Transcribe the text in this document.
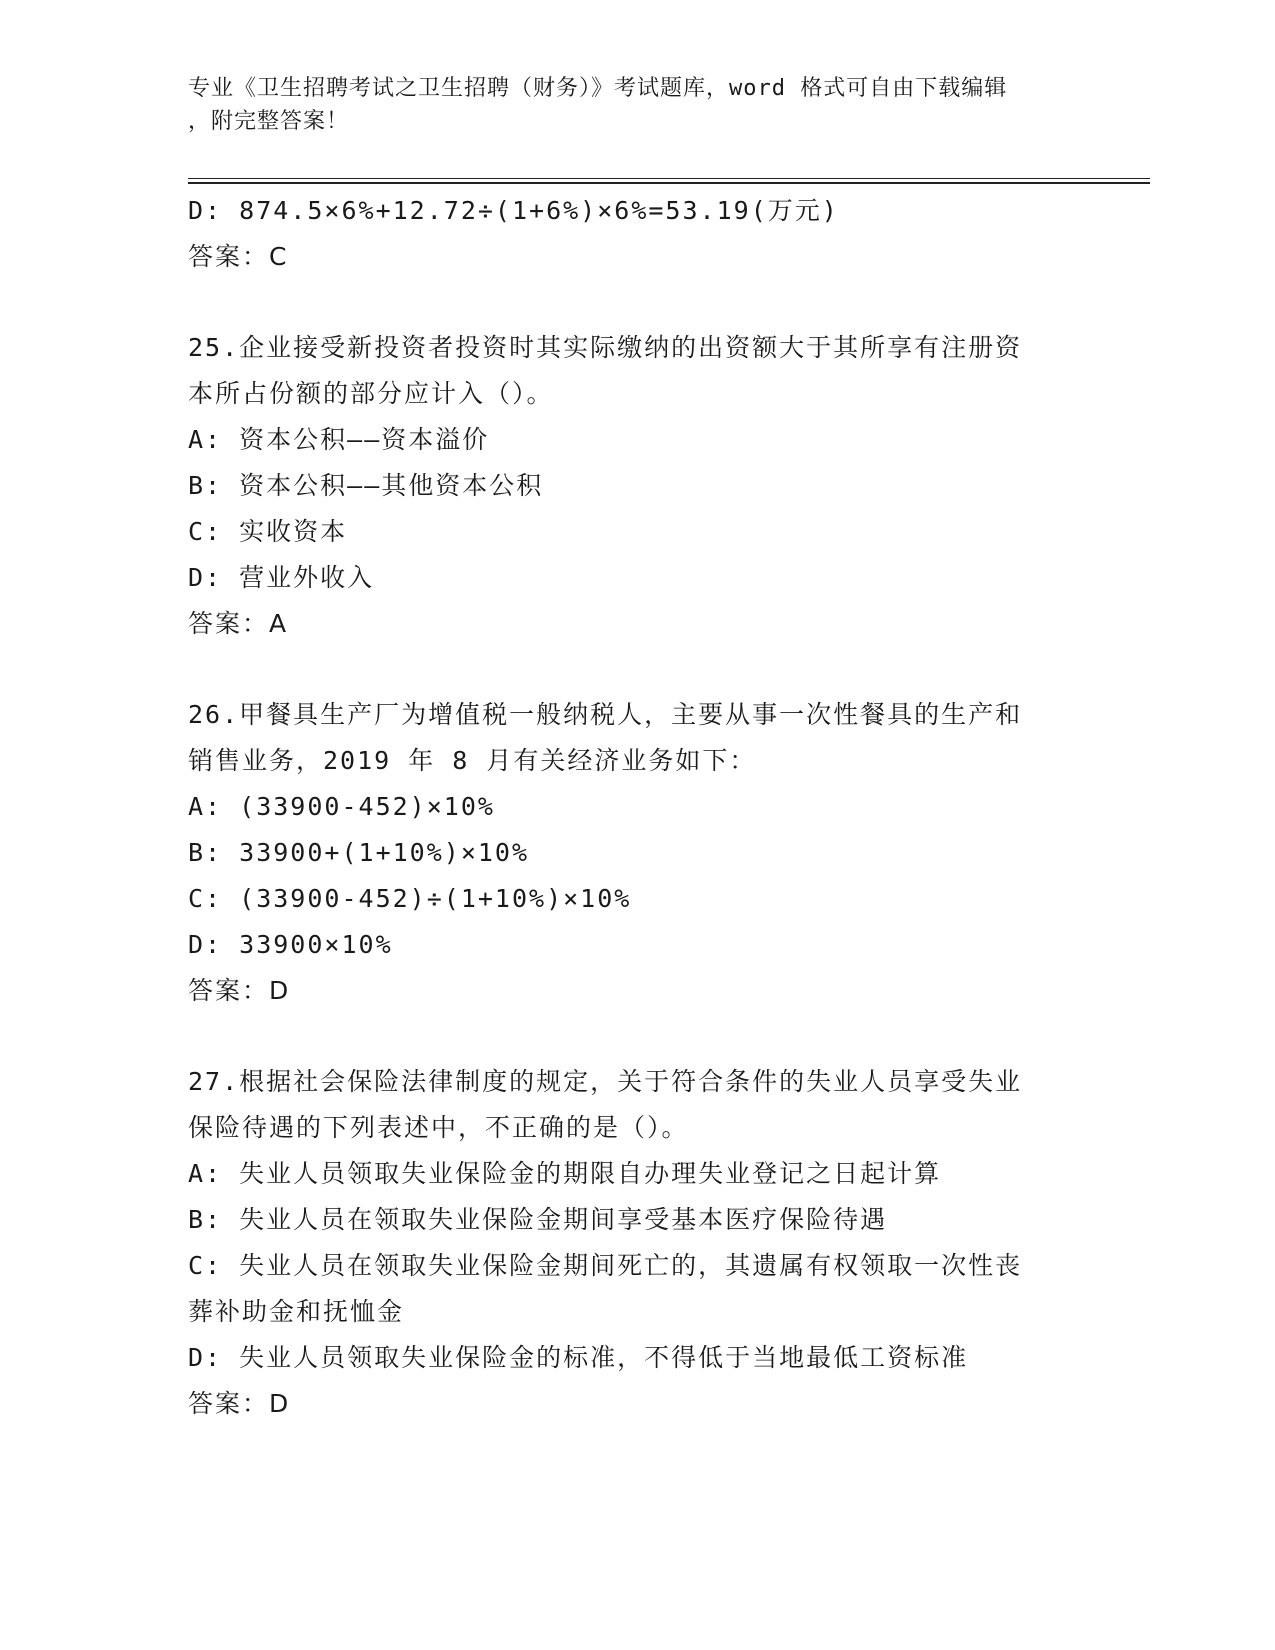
专业《卫生招聘考试之卫生招聘（财务）》考试题库，word 格式可自由下载编辑
，附完整答案！
D: 874.5×6%+12.72÷(1+6%)×6%=53.19(万元)
答案：C
25.企业接受新投资者投资时其实际缴纳的出资额大于其所享有注册资
本所占份额的部分应计入（）。
A: 资本公积——资本溢价
B: 资本公积——其他资本公积
C: 实收资本
D: 营业外收入
答案：A
26.甲餐具生产厂为增值税一般纳税人，主要从事一次性餐具的生产和
销售业务，2019 年 8 月有关经济业务如下：
A: (33900-452)×10%
B: 33900+(1+10%)×10%
C: (33900-452)÷(1+10%)×10%
D: 33900×10%
答案：D
27.根据社会保险法律制度的规定，关于符合条件的失业人员享受失业
保险待遇的下列表述中，不正确的是（）。
A: 失业人员领取失业保险金的期限自办理失业登记之日起计算
B: 失业人员在领取失业保险金期间享受基本医疗保险待遇
C: 失业人员在领取失业保险金期间死亡的，其遗属有权领取一次性丧
葬补助金和抚恤金
D: 失业人员领取失业保险金的标准，不得低于当地最低工资标准
答案：D
